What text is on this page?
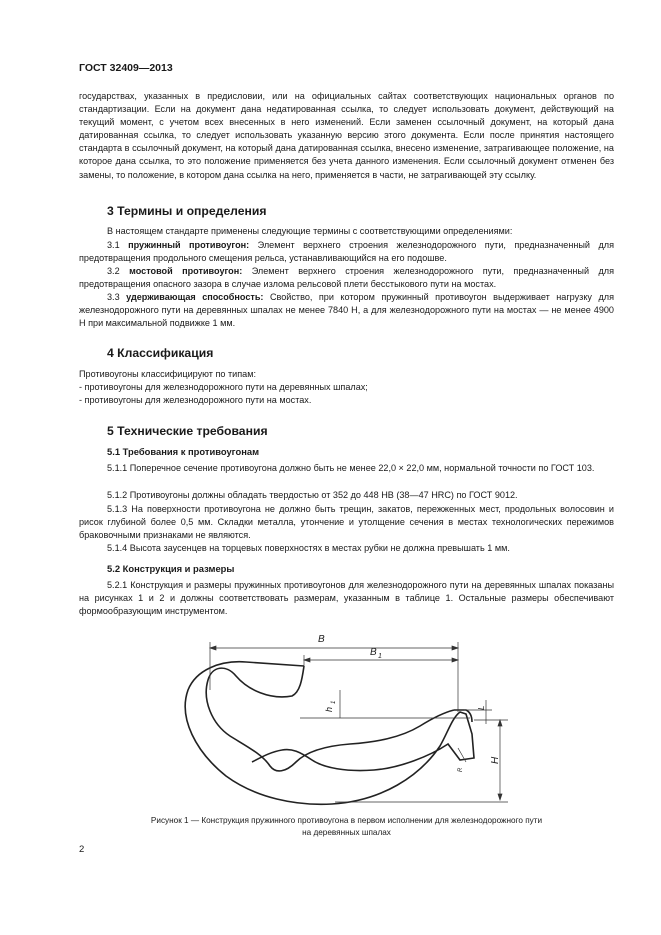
ГОСТ 32409—2013

государствах, указанных в предисловии, или на официальных сайтах соответствующих национальных органов по стандартизации. Если на документ дана недатированная ссылка, то следует использовать документ, действующий на текущий момент, с учетом всех внесенных в него изменений. Если заменен ссылочный документ, на который дана датированная ссылка, то следует использовать указанную версию этого документа. Если после принятия настоящего стандарта в ссылочный документ, на который дана датированная ссылка, внесено изменение, затрагивающее положение, на которое дана ссылка, то это положение применяется без учета данного изменения. Если ссылочный документ отменен без замены, то положение, в котором дана ссылка на него, применяется в части, не затрагивающей эту ссылку.

3 Термины и определения

В настоящем стандарте применены следующие термины с соответствующими определениями:

3.1 пружинный противоугон: Элемент верхнего строения железнодорожного пути, предназначенный для предотвращения продольного смещения рельса, устанавливающийся на его подошве.

3.2 мостовой противоугон: Элемент верхнего строения железнодорожного пути, предназначенный для предотвращения опасного зазора в случае излома рельсовой плети бесстыкового пути на мостах.

3.3 удерживающая способность: Свойство, при котором пружинный противоугон выдерживает нагрузку для железнодорожного пути на деревянных шпалах не менее 7840 Н, а для железнодорожного пути на мостах — не менее 4900 Н при максимальной подвижке 1 мм.

4 Классификация
Противоугоны классифицируют по типам:
- противоугоны для железнодорожного пути на деревянных шпалах;
- противоугоны для железнодорожного пути на мостах.
5 Технические требования
5.1 Требования к противоугонам

5.1.1 Поперечное сечение противоугона должно быть не менее 22,0 × 22,0 мм, нормальной точности по ГОСТ 103.

5.1.2 Противоугоны должны обладать твердостью от 352 до 448 НВ (38—47 HRC) по ГОСТ 9012.

5.1.3 На поверхности противоугона не должно быть трещин, закатов, пережженных мест, продольных волосовин и рисок глубиной более 0,5 мм. Складки металла, утончение и утолщение сечения в местах технологических пережимов браковочными признаками не являются.

5.1.4 Высота заусенцев на торцевых поверхностях в местах рубки не должна превышать 1 мм.

5.2 Конструкция и размеры

5.2.1 Конструкция и размеры пружинных противоугонов для железнодорожного пути на деревянных шпалах показаны на рисунках 1 и 2 и должны соответствовать размерам, указанным в таблице 1. Остальные размеры обеспечивают формообразующим инструментом.

B
B 1
h
1
L
H
R
Рисунок 1 — Конструкция пружинного противоугона в первом исполнении для железнодорожного пути
на деревянных шпалах
2
